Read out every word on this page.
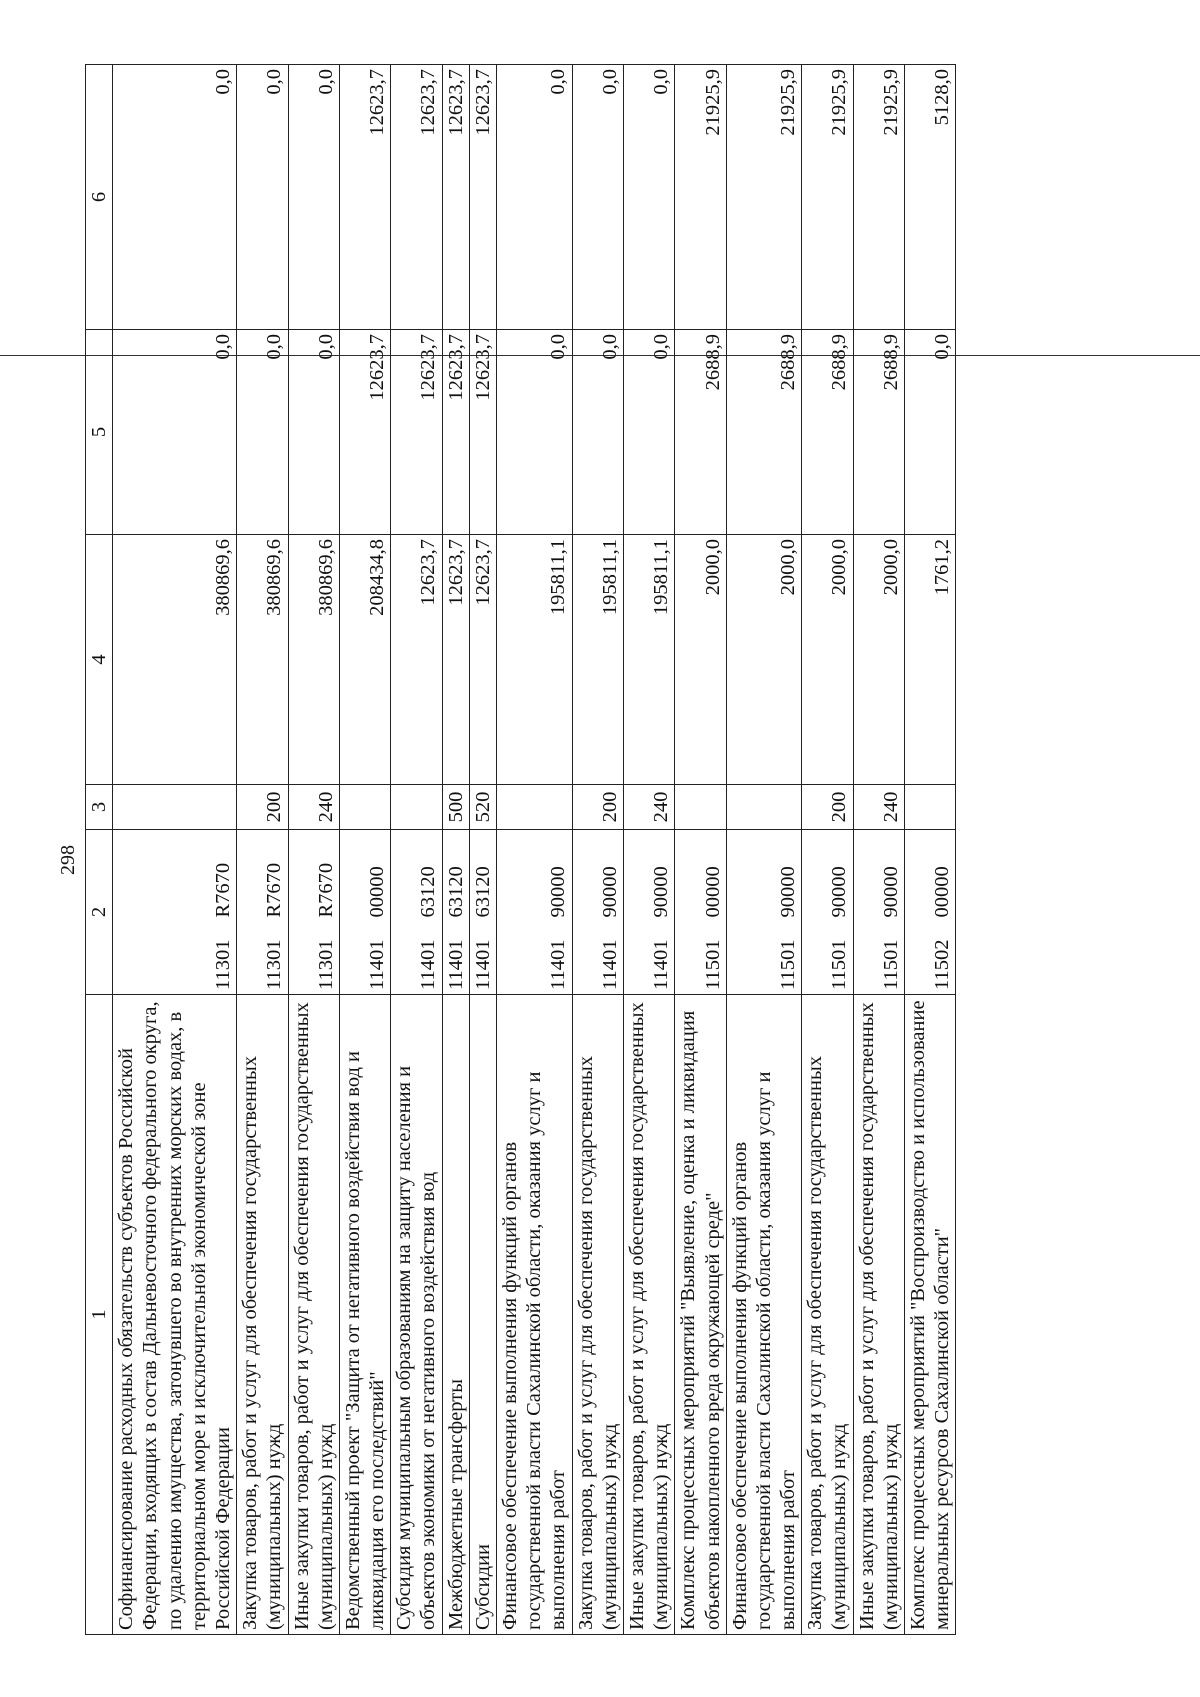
298
1	2	3	4	5	6
Софинансирование расходных обязательств субъектов Российской Федерации, входящих в состав Дальневосточного федерального округа, по удалению имущества, затонувшего во внутренних морских водах, в территориальном море и исключительной экономической зоне Российской Федерации	11301R7670		380869,6	0,0	0,0
Закупка товаров, работ и услуг для обеспечения государственных (муниципальных) нужд	11301R7670	200	380869,6	0,0	0,0
Иные закупки товаров, работ и услуг для обеспечения государственных (муниципальных) нужд	11301R7670	240	380869,6	0,0	0,0
Ведомственный проект "Защита от негативного воздействия вод и ликвидация его последствий"	1140100000		208434,8	12623,7	12623,7
Субсидия муниципальным образованиям на защиту населения и объектов экономики от негативного воздействия вод	1140163120		12623,7	12623,7	12623,7
Межбюджетные трансферты	1140163120	500	12623,7	12623,7	12623,7
Субсидии	1140163120	520	12623,7	12623,7	12623,7
Финансовое обеспечение выполнения функций органов государственной власти Сахалинской области, оказания услуг и выполнения работ	1140190000		195811,1	0,0	0,0
Закупка товаров, работ и услуг для обеспечения государственных (муниципальных) нужд	1140190000	200	195811,1	0,0	0,0
Иные закупки товаров, работ и услуг для обеспечения государственных (муниципальных) нужд	1140190000	240	195811,1	0,0	0,0
Комплекс процессных мероприятий "Выявление, оценка и ликвидация объектов накопленного вреда окружающей среде"	1150100000		2000,0	2688,9	21925,9
Финансовое обеспечение выполнения функций органов государственной власти Сахалинской области, оказания услуг и выполнения работ	1150190000		2000,0	2688,9	21925,9
Закупка товаров, работ и услуг для обеспечения государственных (муниципальных) нужд	1150190000	200	2000,0	2688,9	21925,9
Иные закупки товаров, работ и услуг для обеспечения государственных (муниципальных) нужд	1150190000	240	2000,0	2688,9	21925,9
Комплекс процессных мероприятий "Воспроизводство и использование минеральных ресурсов Сахалинской области"	1150200000		1761,2	0,0	5128,0
